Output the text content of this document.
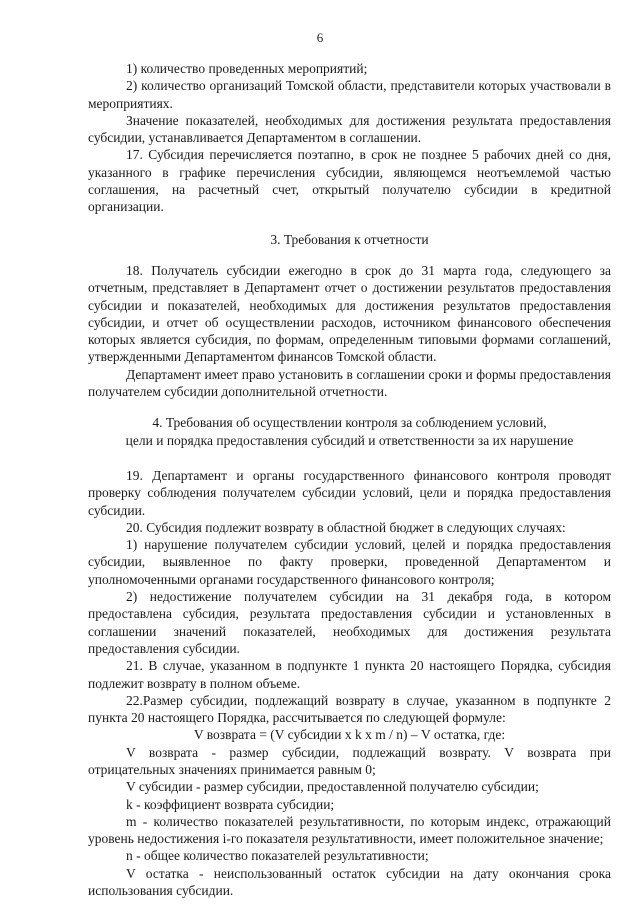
6

1) количество проведенных мероприятий;

2) количество организаций Томской области, представители которых участвовали в мероприятиях.

Значение показателей, необходимых для достижения результата предоставления субсидии, устанавливается Департаментом в соглашении.

17. Субсидия перечисляется поэтапно, в срок не позднее 5 рабочих дней со дня, указанного в графике перечисления субсидии, являющемся неотъемлемой частью соглашения, на расчетный счет, открытый получателю субсидии в кредитной организации.

3. Требования к отчетности

18. Получатель субсидии ежегодно в срок до 31 марта года, следующего за отчетным, представляет в Департамент отчет о достижении результатов предоставления субсидии и показателей, необходимых для достижения результатов предоставления субсидии, и отчет об осуществлении расходов, источником финансового обеспечения которых является субсидия, по формам, определенным типовыми формами соглашений, утвержденными Департаментом финансов Томской области.

Департамент имеет право установить в соглашении сроки и формы предоставления получателем субсидии дополнительной отчетности.

4. Требования об осуществлении контроля за соблюдением условий,

цели и порядка предоставления субсидий и ответственности за их нарушение

19. Департамент и органы государственного финансового контроля проводят проверку соблюдения получателем субсидии условий, цели и порядка предоставления субсидии.

20. Субсидия подлежит возврату в областной бюджет в следующих случаях:

1) нарушение получателем субсидии условий, целей и порядка предоставления субсидии, выявленное по факту проверки, проведенной Департаментом и уполномоченными органами государственного финансового контроля;

2) недостижение получателем субсидии на 31 декабря года, в котором предоставлена субсидия, результата предоставления субсидии и установленных в соглашении значений показателей, необходимых для достижения результата предоставления субсидии.

21. В случае, указанном в подпункте 1 пункта 20 настоящего Порядка, субсидия подлежит возврату в полном объеме.

22.Размер субсидии, подлежащий возврату в случае, указанном в подпункте 2 пункта 20 настоящего Порядка, рассчитывается по следующей формуле:

V возврата = (V субсидии x k x m / n) – V остатка, где:

V возврата - размер субсидии, подлежащий возврату. V возврата при отрицательных значениях принимается равным 0;

V субсидии - размер субсидии, предоставленной получателю субсидии;

k - коэффициент возврата субсидии;

m - количество показателей результативности, по которым индекс, отражающий уровень недостижения i-го показателя результативности, имеет положительное значение;

n - общее количество показателей результативности;

V остатка - неиспользованный остаток субсидии на дату окончания срока использования субсидии.
